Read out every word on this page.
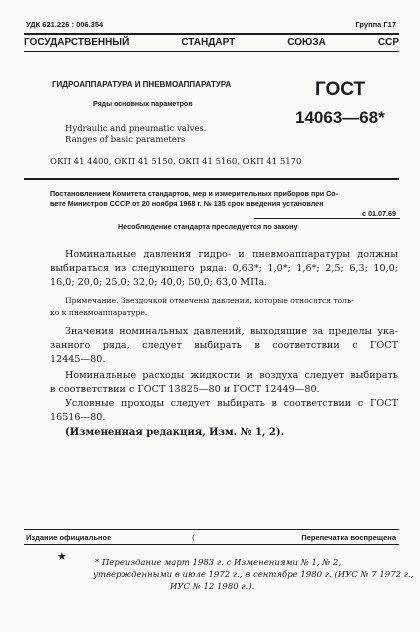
УДК 621.226 : 006.354	Группа Г17
ГОСУДАРСТВЕННЫЙ	СТАНДАРТ	СОЮЗА	ССР
ГИДРОАППАРАТУРА И ПНЕВМОАППАРАТУРА
Ряды основных параметров
Hydraulic and pneumatic valves.
Ranges of basic parameters
ГОСТ
14063—68*
ОКП 41 4400, ОКП 41 5150, ОКП 41 5160, ОКП 41 5170
Постановлением Комитета стандартов, мер и измерительных приборов при Со-
вете Министров СССР от 20 ноября 1968 г. № 135 срок введения установлен
с 01.07.69
Несоблюдение стандарта преследуется по закону
Номинальные давления гидро- и пневмоаппаратуры должны
выбираться из следующего ряда: 0,63*; 1,0*; 1,6*; 2,5; 6,3; 10,0;
16,0; 20,0; 25,0; 32,0; 40,0; 50,0; 63,0 МПа.
Примечание. Звездочкой отмечены давления, которые относятся толь-
ко к пневмоаппаратуре.
Значения номинальных давлений, выходящие за пределы ука-
занного ряда, следует выбирать в соответствии с ГОСТ
12445—80.
Номинальные расходы жидкости и воздуха следует выбирать
в соответствии с ГОСТ 13825—80 и ГОСТ 12449—80.
Условные проходы следует выбирать в соответствии с ГОСТ
16516—80.
(Измененная редакция, Изм. № 1, 2).
Издание официальное	(	Перепечатка воспрещена
★	* Переиздание март 1983 г. с Изменениями № 1, № 2,
утвержденными в июле 1972 г., в сентябре 1980 г. (ИУС № 7 1972 г.,
ИУС № 12 1980 г.).
